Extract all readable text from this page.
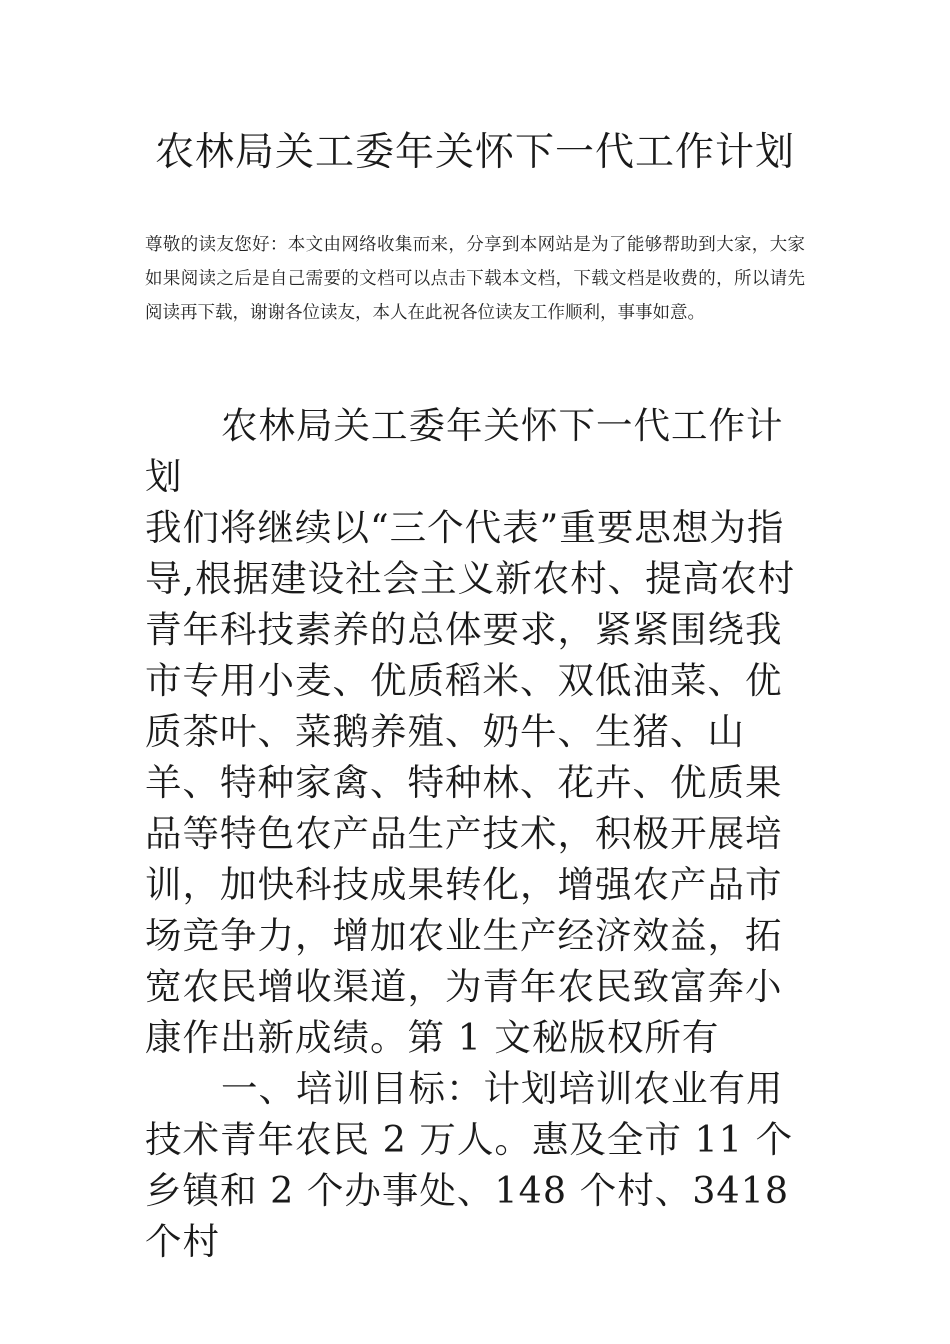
农林局关工委年关怀下一代工作计划

尊敬的读友您好：本文由网络收集而来，分享到本网站是为了能够帮助到大家，大家如果阅读之后是自己需要的文档可以点击下载本文档，下载文档是收费的，所以请先阅读再下载，谢谢各位读友，本人在此祝各位读友工作顺利，事事如意。

农林局关工委年关怀下一代工作计划

我们将继续以“三个代表”重要思想为指导,根据建设社会主义新农村、提高农村青年科技素养的总体要求，紧紧围绕我市专用小麦、优质稻米、双低油菜、优质茶叶、菜鹅养殖、奶牛、生猪、山羊、特种家禽、特种林、花卉、优质果品等特色农产品生产技术，积极开展培训，加快科技成果转化，增强农产品市场竞争力，增加农业生产经济效益，拓宽农民增收渠道，为青年农民致富奔小康作出新成绩。第 1 文秘版权所有

一、培训目标：计划培训农业有用技术青年农民 2 万人。惠及全市 11 个乡镇和 2 个办事处、148 个村、3418 个村
